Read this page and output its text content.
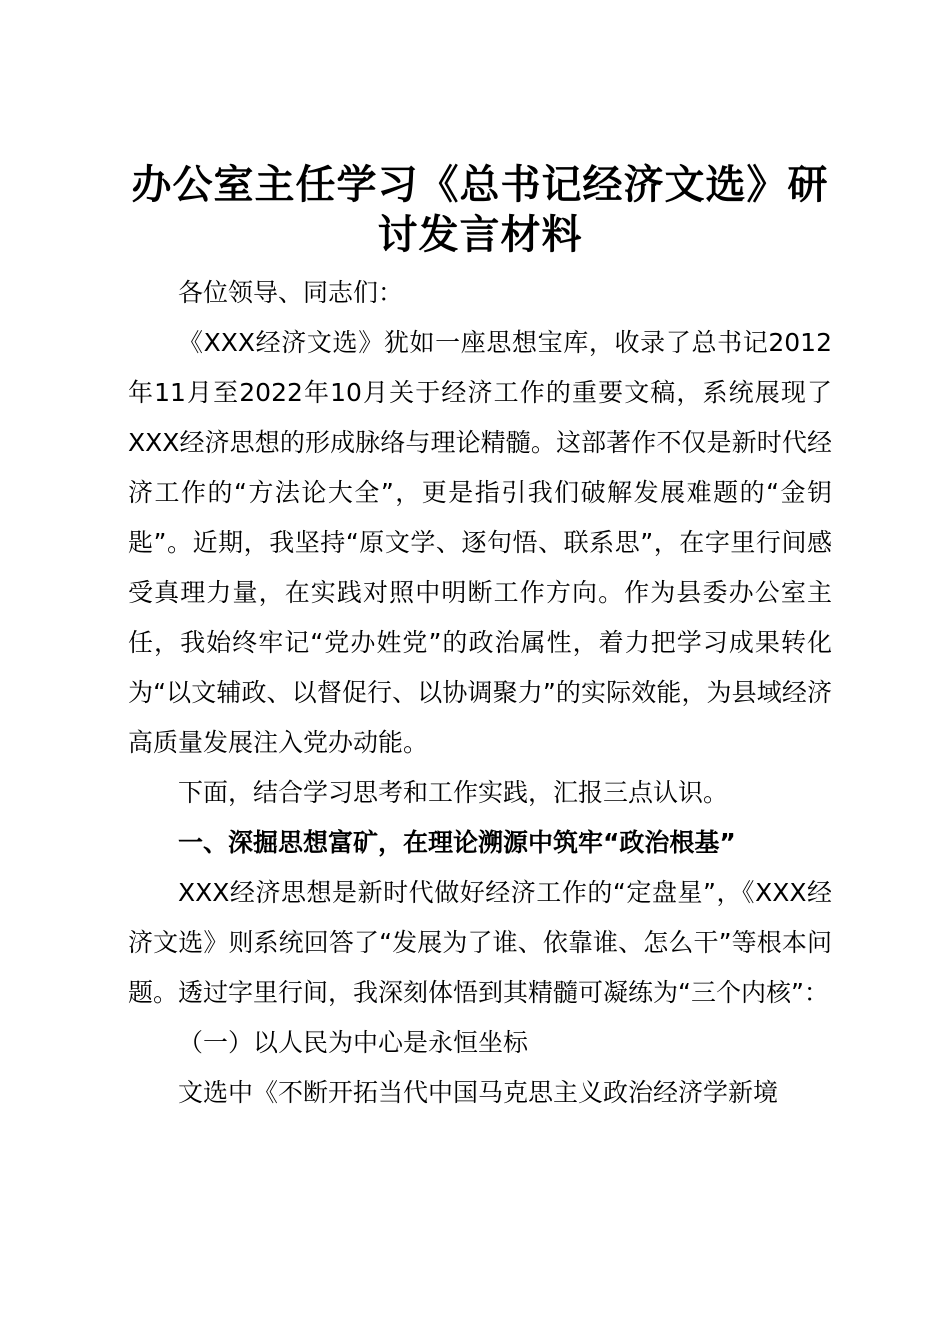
办公室主任学习《总书记经济文选》研讨发言材料

各位领导、同志们：

《XXX经济文选》犹如一座思想宝库，收录了总书记2012年11月至2022年10月关于经济工作的重要文稿，系统展现了XXX经济思想的形成脉络与理论精髓。这部著作不仅是新时代经济工作的“方法论大全”，更是指引我们破解发展难题的“金钥匙”。近期，我坚持“原文学、逐句悟、联系思”，在字里行间感受真理力量，在实践对照中明断工作方向。作为县委办公室主任，我始终牢记“党办姓党”的政治属性，着力把学习成果转化为“以文辅政、以督促行、以协调聚力”的实际效能，为县域经济高质量发展注入党办动能。

下面，结合学习思考和工作实践，汇报三点认识。

一、深掘思想富矿，在理论溯源中筑牢“政治根基”

XXX经济思想是新时代做好经济工作的“定盘星”，《XXX经济文选》则系统回答了“发展为了谁、依靠谁、怎么干”等根本问题。透过字里行间，我深刻体悟到其精髓可凝练为“三个内核”：

（一）以人民为中心是永恒坐标

文选中《不断开拓当代中国马克思主义政治经济学新境
